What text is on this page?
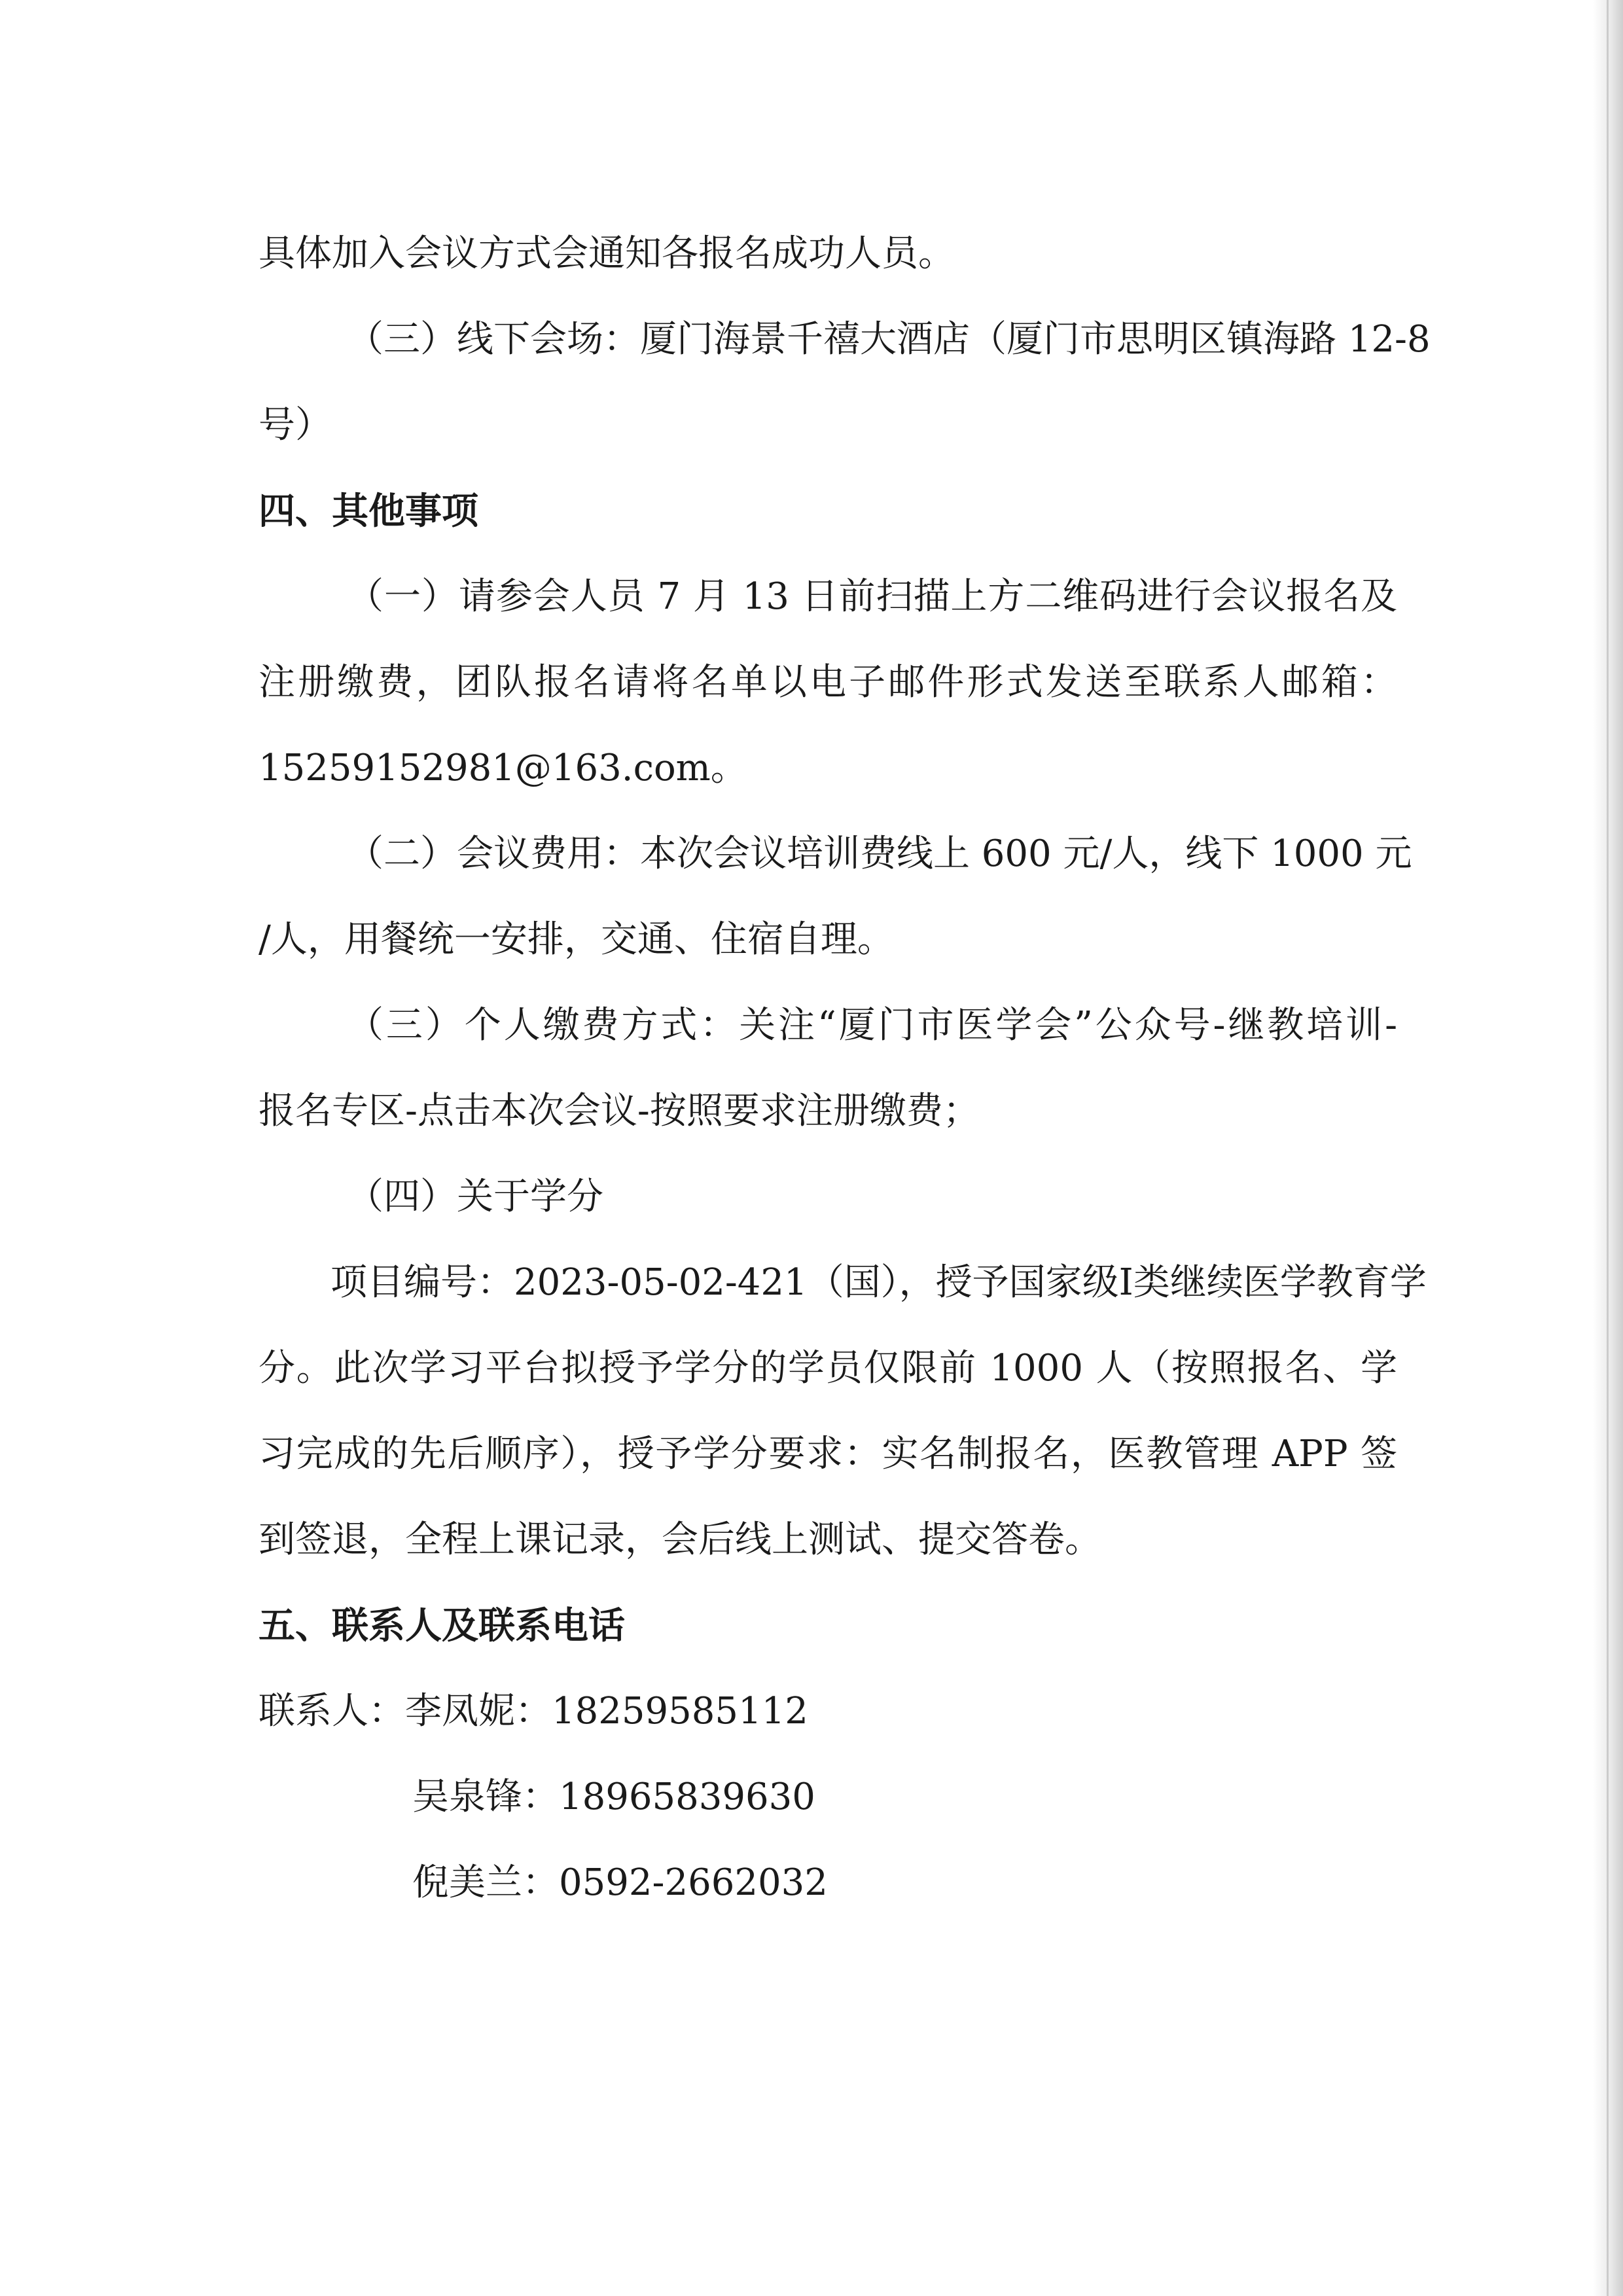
具体加入会议方式会通知各报名成功人员。
（三）线下会场：厦门海景千禧大酒店（厦门市思明区镇海路 12-8
号）
四、其他事项
（一）请参会人员 7 月 13 日前扫描上方二维码进行会议报名及
注册缴费，团队报名请将名单以电子邮件形式发送至联系人邮箱：
15259152981@163.com。
（二）会议费用：本次会议培训费线上 600 元/人，线下 1000 元
/人，用餐统一安排，交通、住宿自理。
（三）个人缴费方式：关注“厦门市医学会”公众号-继教培训-
报名专区-点击本次会议-按照要求注册缴费；
（四）关于学分
项目编号：2023-05-02-421（国），授予国家级Ⅰ类继续医学教育学
分。此次学习平台拟授予学分的学员仅限前 1000 人（按照报名、学
习完成的先后顺序），授予学分要求：实名制报名，医教管理 APP 签
到签退，全程上课记录，会后线上测试、提交答卷。
五、联系人及联系电话
联系人：李凤妮：18259585112
吴泉锋：18965839630
倪美兰：0592-2662032
